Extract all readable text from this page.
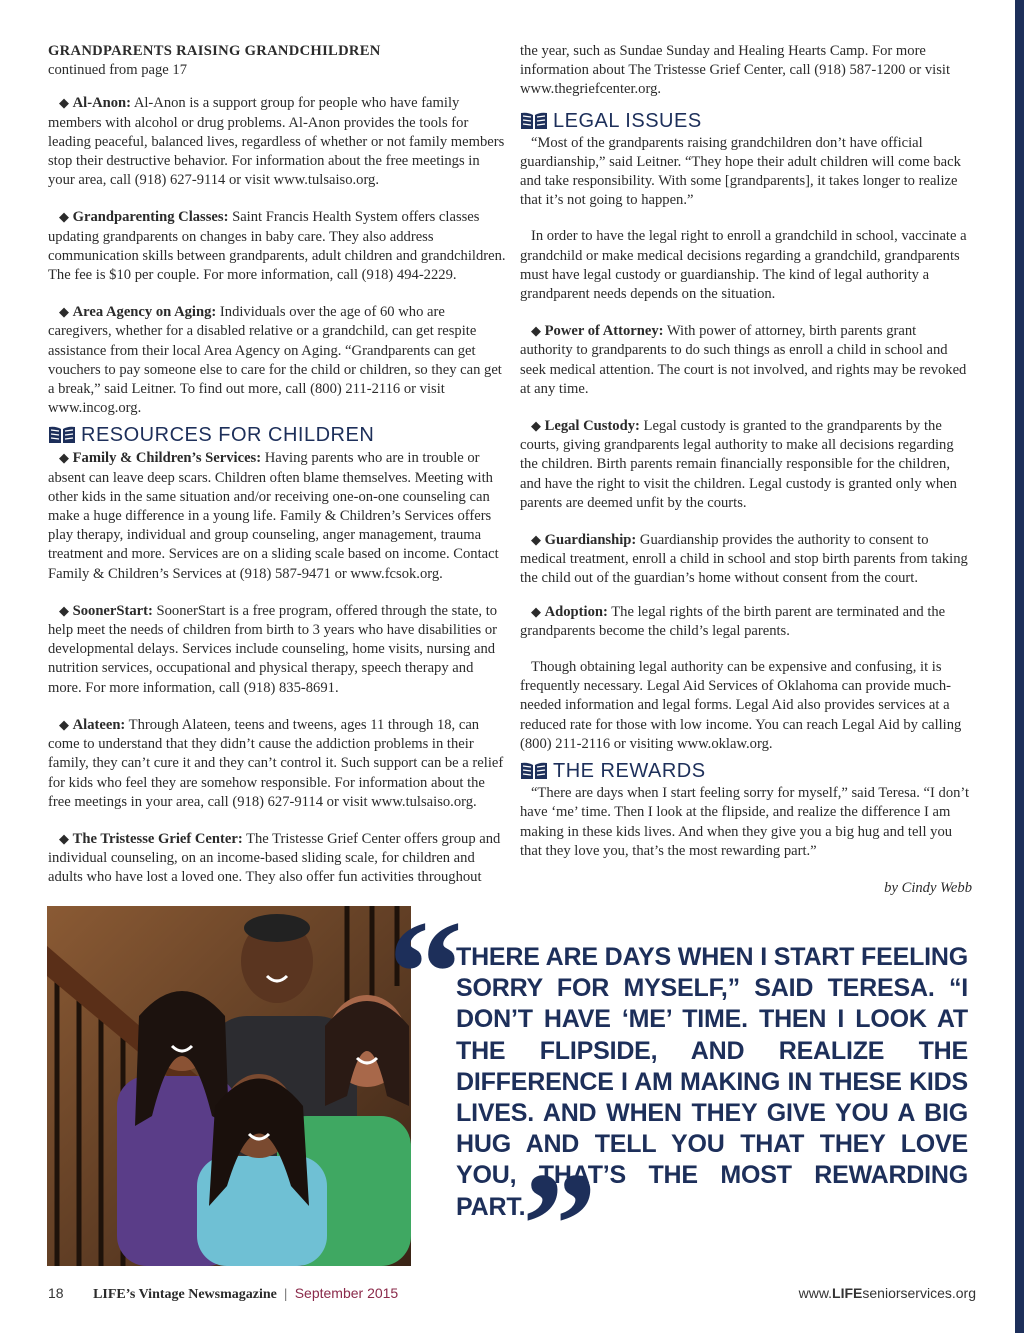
GRANDPARENTS RAISING GRANDCHILDREN

continued from page 17

◆ Al-Anon: Al-Anon is a support group for people who have family members with alcohol or drug problems. Al-Anon provides the tools for leading peaceful, balanced lives, regardless of whether or not family members stop their destructive behavior. For information about the free meetings in your area, call (918) 627-9114 or visit www.tulsaiso.org.

◆ Grandparenting Classes: Saint Francis Health System offers classes updating grandparents on changes in baby care. They also address communication skills between grandparents, adult children and grandchildren. The fee is $10 per couple. For more information, call (918) 494-2229.

◆ Area Agency on Aging: Individuals over the age of 60 who are caregivers, whether for a disabled relative or a grandchild, can get respite assistance from their local Area Agency on Aging. “Grandparents can get vouchers to pay someone else to care for the child or children, so they can get a break,” said Leitner. To find out more, call (800) 211-2116 or visit www.incog.org.

RESOURCES FOR CHILDREN

◆ Family & Children’s Services: Having parents who are in trouble or absent can leave deep scars. Children often blame themselves. Meeting with other kids in the same situation and/or receiving one-on-one counseling can make a huge difference in a young life. Family & Children’s Services offers play therapy, individual and group counseling, anger management, trauma treatment and more. Services are on a sliding scale based on income. Contact Family & Children’s Services at (918) 587-9471 or www.fcsok.org.

◆ SoonerStart: SoonerStart is a free program, offered through the state, to help meet the needs of children from birth to 3 years who have disabilities or developmental delays. Services include counseling, home visits, nursing and nutrition services, occupational and physical therapy, speech therapy and more. For more information, call (918) 835-8691.

◆ Alateen: Through Alateen, teens and tweens, ages 11 through 18, can come to understand that they didn’t cause the addiction problems in their family, they can’t cure it and they can’t control it. Such support can be a relief for kids who feel they are somehow responsible. For information about the free meetings in your area, call (918) 627-9114 or visit www.tulsaiso.org.

◆ The Tristesse Grief Center: The Tristesse Grief Center offers group and individual counseling, on an income-based sliding scale, for children and adults who have lost a loved one. They also offer fun activities throughout

the year, such as Sundae Sunday and Healing Hearts Camp. For more information about The Tristesse Grief Center, call (918) 587-1200 or visit www.thegriefcenter.org.

LEGAL ISSUES

“Most of the grandparents raising grandchildren don’t have official guardianship,” said Leitner. “They hope their adult children will come back and take responsibility. With some [grandparents], it takes longer to realize that it’s not going to happen.”

In order to have the legal right to enroll a grandchild in school, vaccinate a grandchild or make medical decisions regarding a grandchild, grandparents must have legal custody or guardianship. The kind of legal authority a grandparent needs depends on the situation.

◆ Power of Attorney: With power of attorney, birth parents grant authority to grandparents to do such things as enroll a child in school and seek medical attention. The court is not involved, and rights may be revoked at any time.

◆ Legal Custody: Legal custody is granted to the grandparents by the courts, giving grandparents legal authority to make all decisions regarding the children. Birth parents remain financially responsible for the children, and have the right to visit the children. Legal custody is granted only when parents are deemed unfit by the courts.

◆ Guardianship: Guardianship provides the authority to consent to medical treatment, enroll a child in school and stop birth parents from taking the child out of the guardian’s home without consent from the court.

◆ Adoption: The legal rights of the birth parent are terminated and the grandparents become the child’s legal parents.

Though obtaining legal authority can be expensive and confusing, it is frequently necessary. Legal Aid Services of Oklahoma can provide much-needed information and legal forms. Legal Aid also provides services at a reduced rate for those with low income. You can reach Legal Aid by calling (800) 211-2116 or visiting www.oklaw.org.

THE REWARDS

“There are days when I start feeling sorry for myself,” said Teresa. “I don’t have ‘me’ time. Then I look at the flipside, and realize the difference I am making in these kids lives. And when they give you a big hug and tell you that they love you, that’s the most rewarding part.”

by Cindy Webb

“

THERE ARE DAYS WHEN I START FEELING SORRY FOR MYSELF,” SAID TERESA. “I DON’T HAVE ‘ME’ TIME. THEN I LOOK AT THE FLIPSIDE, AND REALIZE THE DIFFERENCE I AM MAKING IN THESE KIDS LIVES. AND WHEN THEY GIVE YOU A BIG HUG AND TELL YOU THAT THEY LOVE YOU, THAT’S THE MOST REWARDING PART.

”
18 LIFE’s Vintage Newsmagazine | September 2015	www.LIFEseniorservices.org
